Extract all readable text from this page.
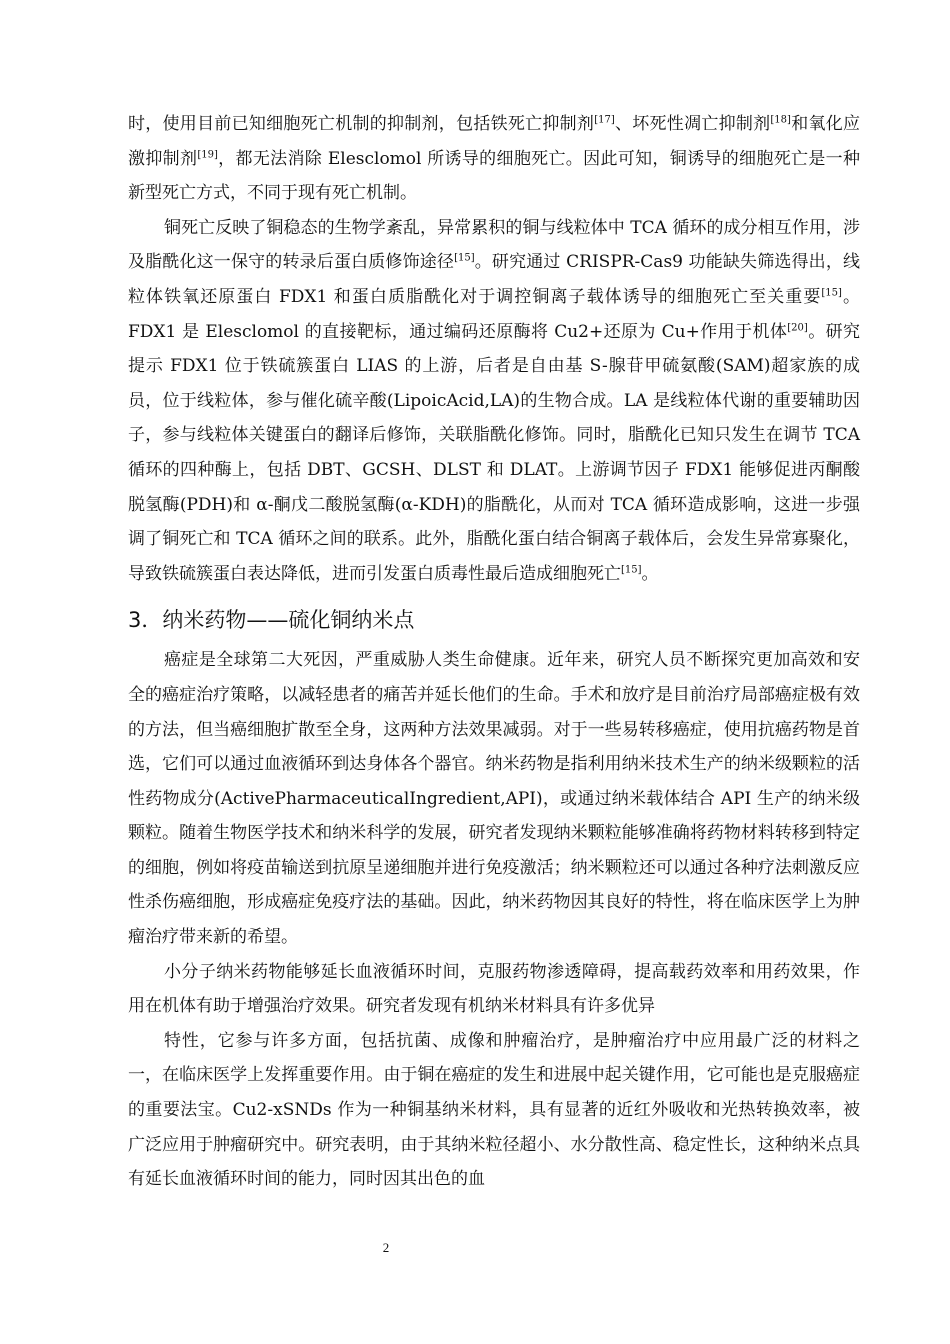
时，使用目前已知细胞死亡机制的抑制剂，包括铁死亡抑制剂[17]、坏死性凋亡抑制剂[18]和氧化应激抑制剂[19]，都无法消除 Elesclomol 所诱导的细胞死亡。因此可知，铜诱导的细胞死亡是一种新型死亡方式，不同于现有死亡机制。

铜死亡反映了铜稳态的生物学紊乱，异常累积的铜与线粒体中 TCA 循环的成分相互作用，涉及脂酰化这一保守的转录后蛋白质修饰途径[15]。研究通过 CRISPR-Cas9 功能缺失筛选得出，线粒体铁氧还原蛋白 FDX1 和蛋白质脂酰化对于调控铜离子载体诱导的细胞死亡至关重要[15]。FDX1 是 Elesclomol 的直接靶标，通过编码还原酶将 Cu2+还原为 Cu+作用于机体[20]。研究提示 FDX1 位于铁硫簇蛋白 LIAS 的上游，后者是自由基 S-腺苷甲硫氨酸(SAM)超家族的成员，位于线粒体，参与催化硫辛酸(LipoicAcid,LA)的生物合成。LA 是线粒体代谢的重要辅助因子，参与线粒体关键蛋白的翻译后修饰，关联脂酰化修饰。同时，脂酰化已知只发生在调节 TCA 循环的四种酶上，包括 DBT、GCSH、DLST 和 DLAT。上游调节因子 FDX1 能够促进丙酮酸脱氢酶(PDH)和 α-酮戊二酸脱氢酶(α-KDH)的脂酰化，从而对 TCA 循环造成影响，这进一步强调了铜死亡和 TCA 循环之间的联系。此外，脂酰化蛋白结合铜离子载体后，会发生异常寡聚化，导致铁硫簇蛋白表达降低，进而引发蛋白质毒性最后造成细胞死亡[15]。

3．纳米药物——硫化铜纳米点

癌症是全球第二大死因，严重威胁人类生命健康。近年来，研究人员不断探究更加高效和安全的癌症治疗策略，以减轻患者的痛苦并延长他们的生命。手术和放疗是目前治疗局部癌症极有效的方法，但当癌细胞扩散至全身，这两种方法效果减弱。对于一些易转移癌症，使用抗癌药物是首选，它们可以通过血液循环到达身体各个器官。纳米药物是指利用纳米技术生产的纳米级颗粒的活性药物成分(ActivePharmaceuticalIngredient,API)，或通过纳米载体结合 API 生产的纳米级颗粒。随着生物医学技术和纳米科学的发展，研究者发现纳米颗粒能够准确将药物材料转移到特定的细胞，例如将疫苗输送到抗原呈递细胞并进行免疫激活；纳米颗粒还可以通过各种疗法刺激反应性杀伤癌细胞，形成癌症免疫疗法的基础。因此，纳米药物因其良好的特性，将在临床医学上为肿瘤治疗带来新的希望。

小分子纳米药物能够延长血液循环时间，克服药物渗透障碍，提高载药效率和用药效果，作用在机体有助于增强治疗效果。研究者发现有机纳米材料具有许多优异

特性，它参与许多方面，包括抗菌、成像和肿瘤治疗，是肿瘤治疗中应用最广泛的材料之一，在临床医学上发挥重要作用。由于铜在癌症的发生和进展中起关键作用，它可能也是克服癌症的重要法宝。Cu2-xSNDs 作为一种铜基纳米材料，具有显著的近红外吸收和光热转换效率，被广泛应用于肿瘤研究中。研究表明，由于其纳米粒径超小、水分散性高、稳定性长，这种纳米点具有延长血液循环时间的能力，同时因其出色的血

2
